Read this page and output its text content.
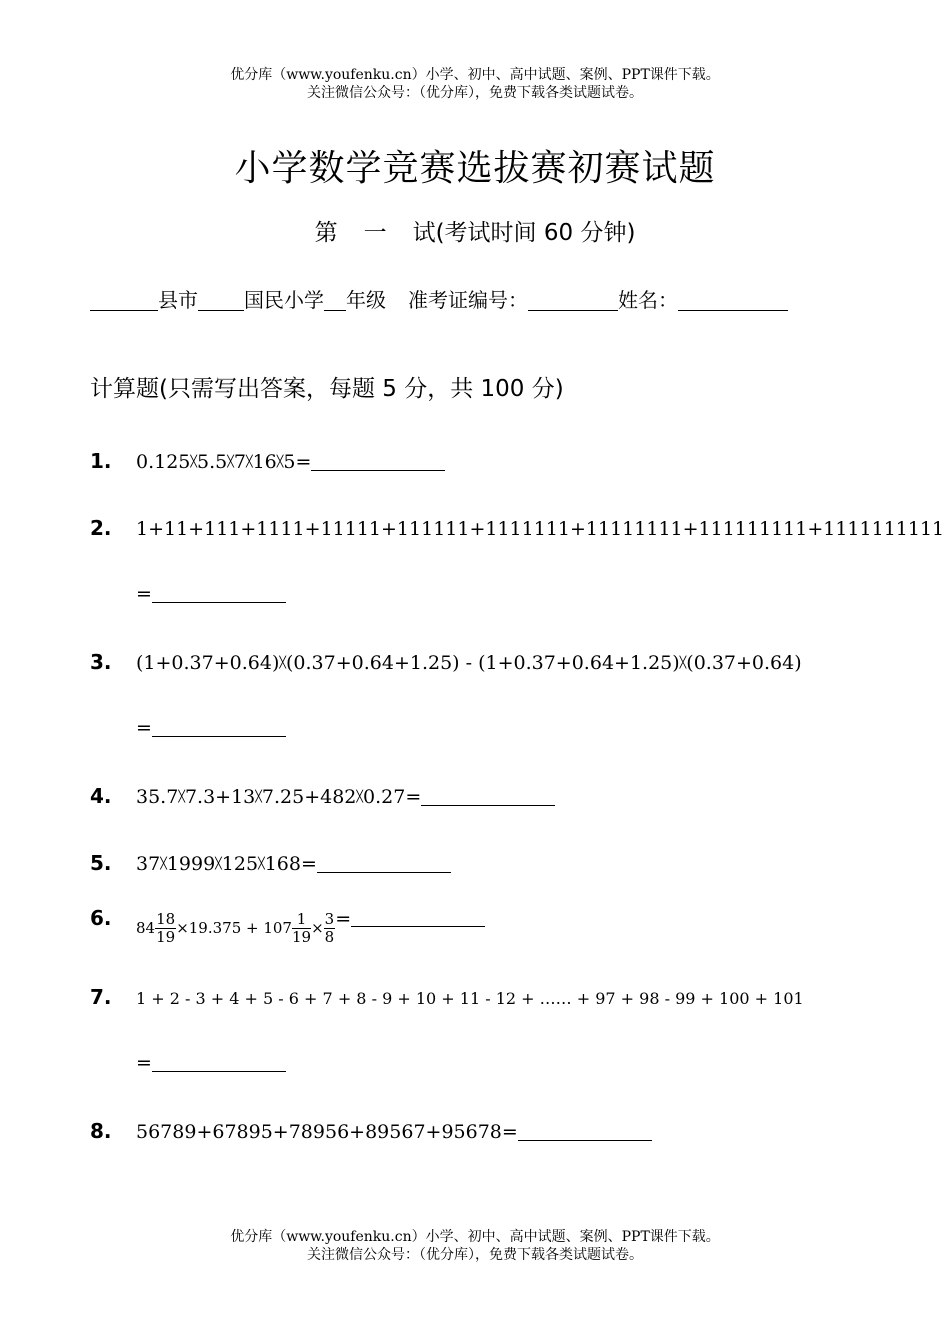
优分库（www.youfenku.cn）小学、初中、高中试题、案例、PPT课件下载。
关注微信公众号：（优分库），免费下载各类试题试卷。
小学数学竞赛选拔赛初赛试题
第 一 试(考试时间 60 分钟)
县市 国民小学 年级 准考证编号：	姓名：
计算题(只需写出答案，每题 5 分，共 100 分)
1. 0.125╳5.5╳7╳16╳5=
2. 1+11+111+1111+11111+111111+1111111+11111111+111111111+1111111111
=
3. (1+0.37+0.64)╳(0.37+0.64+1.25) - (1+0.37+0.64+1.25)╳(0.37+0.64)
=
4. 35.7╳7.3+13╳7.25+482╳0.27=
5. 37╳1999╳125╳168=
6. $84 \frac{18}{19} \times 19.375 + 107 \frac{1}{19} \times \frac{3}{8}$ =
7. 1 + 2 - 3 + 4 + 5 - 6 + 7 + 8 - 9 + 10 + 11 - 12 + …… + 97 + 98 - 99 + 100 + 101
=
8. 56789+67895+78956+89567+95678=
优分库（www.youfenku.cn）小学、初中、高中试题、案例、PPT课件下载。
关注微信公众号：（优分库），免费下载各类试题试卷。
